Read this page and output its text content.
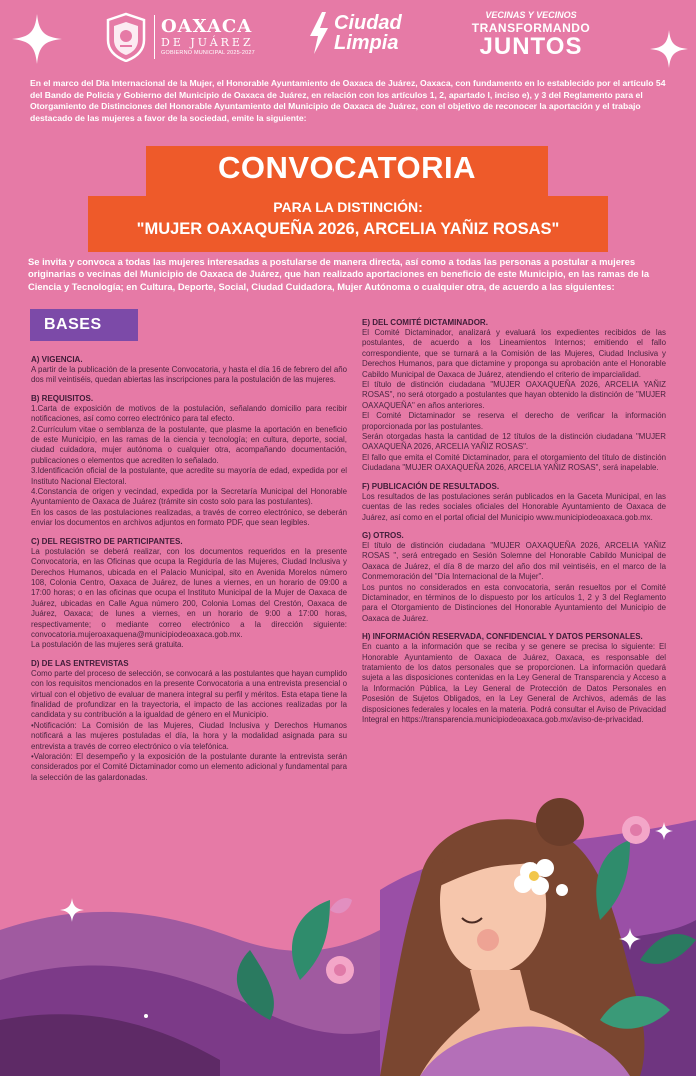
OAXACA
DE JUÁREZ
GOBIERNO MUNICIPAL 2025-2027
Ciudad
Limpia
VECINAS Y VECINOS
TRANSFORMANDO
JUNTOS

En el marco del Día Internacional de la Mujer, el Honorable Ayuntamiento de Oaxaca de Juárez, Oaxaca, con fundamento en lo establecido por el artículo 54 del Bando de Policía y Gobierno del Municipio de Oaxaca de Juárez, en relación con los artículos 1, 2, apartado I, inciso e), y 3 del Reglamento para el Otorgamiento de Distinciones del Honorable Ayuntamiento del Municipio de Oaxaca de Juárez, con el objetivo de reconocer la aportación y el trabajo destacado de las mujeres a favor de la sociedad, emite la siguiente:

CONVOCATORIA
PARA LA DISTINCIÓN:
"MUJER OAXAQUEÑA 2026, ARCELIA YAÑIZ ROSAS"

Se invita y convoca a todas las mujeres interesadas a postularse de manera directa, así como a todas las personas a postular a mujeres originarias o vecinas del Municipio de Oaxaca de Juárez, que han realizado aportaciones en beneficio de este Municipio, en las ramas de la Ciencia y Tecnología; en Cultura, Deporte, Social, Ciudad Cuidadora, Mujer Autónoma o cualquier otra, de acuerdo a las siguientes:

BASES
A) VIGENCIA.
A partir de la publicación de la presente Convocatoria, y hasta el día 16 de febrero del año dos mil veintiséis, quedan abiertas las inscripciones para la postulación de las mujeres.
B) REQUISITOS.
1.Carta de exposición de motivos de la postulación, señalando domicilio para recibir notificaciones, así como correo electrónico para tal efecto.
2.Currículum vitae o semblanza de la postulante, que plasme la aportación en beneficio de este Municipio, en las ramas de la ciencia y tecnología; en cultura, deporte, social, ciudad cuidadora, mujer autónoma o cualquier otra, acompañando documentación, publicaciones o elementos que acrediten lo señalado.
3.Identificación oficial de la postulante, que acredite su mayoría de edad, expedida por el Instituto Nacional Electoral.
4.Constancia de origen y vecindad, expedida por la Secretaría Municipal del Honorable Ayuntamiento de Oaxaca de Juárez (trámite sin costo solo para las postulantes).
En los casos de las postulaciones realizadas, a través de correo electrónico, se deberán enviar los documentos en archivos adjuntos en formato PDF, que sean legibles.
C) DEL REGISTRO DE PARTICIPANTES.
La postulación se deberá realizar, con los documentos requeridos en la presente Convocatoria, en las Oficinas que ocupa la Regiduría de las Mujeres, Ciudad Inclusiva y Derechos Humanos, ubicada en el Palacio Municipal, sito en Avenida Morelos número 108, Colonia Centro, Oaxaca de Juárez, de lunes a viernes, en un horario de 09:00 a 17:00 horas; o en las oficinas que ocupa el Instituto Municipal de la Mujer de Oaxaca de Juárez, ubicadas en Calle Agua número 200, Colonia Lomas del Crestón, Oaxaca de Juárez, Oaxaca; de lunes a viernes, en un horario de 9:00 a 17:00 horas, respectivamente; o mediante correo electrónico a la dirección siguiente: convocatoria.mujeroaxaquena@municipiodeoaxaca.gob.mx.
La postulación de las mujeres será gratuita.
D) DE LAS ENTREVISTAS
Como parte del proceso de selección, se convocará a las postulantes que hayan cumplido con los requisitos mencionados en la presente Convocatoria a una entrevista presencial o virtual con el objetivo de evaluar de manera integral su perfil y méritos. Esta etapa tiene la finalidad de profundizar en la trayectoria, el impacto de las acciones realizadas por la candidata y su contribución a la igualdad de género en el Municipio.
•Notificación: La Comisión de las Mujeres, Ciudad Inclusiva y Derechos Humanos notificará a las mujeres postuladas el día, la hora y la modalidad asignada para su entrevista a través de correo electrónico o vía telefónica.
•Valoración: El desempeño y la exposición de la postulante durante la entrevista serán considerados por el Comité Dictaminador como un elemento adicional y fundamental para la selección de las galardonadas.
E) DEL COMITÉ DICTAMINADOR.
El Comité Dictaminador, analizará y evaluará los expedientes recibidos de las postulantes, de acuerdo a los Lineamientos Internos; emitiendo el fallo correspondiente, que se turnará a la Comisión de las Mujeres, Ciudad Inclusiva y Derechos Humanos, para que dictamine y proponga su aprobación ante el Honorable Cabildo Municipal de Oaxaca de Juárez, atendiendo el criterio de imparcialidad.
El título de distinción ciudadana "MUJER OAXAQUEÑA 2026, ARCELIA YAÑIZ ROSAS", no será otorgado a postulantes que hayan obtenido la distinción de "MUJER OAXAQUEÑA" en años anteriores.
El Comité Dictaminador se reserva el derecho de verificar la información proporcionada por las postulantes.
Serán otorgadas hasta la cantidad de 12 títulos de la distinción ciudadana "MUJER OAXAQUEÑA 2026, ARCELIA YAÑIZ ROSAS".
El fallo que emita el Comité Dictaminador, para el otorgamiento del título de distinción Ciudadana "MUJER OAXAQUEÑA 2026, ARCELIA YAÑIZ ROSAS", será inapelable.
F) PUBLICACIÓN DE RESULTADOS.
Los resultados de las postulaciones serán publicados en la Gaceta Municipal, en las cuentas de las redes sociales oficiales del Honorable Ayuntamiento de Oaxaca de Juárez, así como en el portal oficial del Municipio www.municipiodeoaxaca.gob.mx.
G) OTROS.
El título de distinción ciudadana "MUJER OAXAQUEÑA 2026, ARCELIA YAÑIZ ROSAS ", será entregado en Sesión Solemne del Honorable Cabildo Municipal de Oaxaca de Juárez, el día 8 de marzo del año dos mil veintiséis, en el marco de la Conmemoración del "Día Internacional de la Mujer".
Los puntos no considerados en esta convocatoria, serán resueltos por el Comité Dictaminador, en términos de lo dispuesto por los artículos 1, 2 y 3 del Reglamento para el Otorgamiento de Distinciones del Honorable Ayuntamiento del Municipio de Oaxaca de Juárez.
H) INFORMACIÓN RESERVADA, CONFIDENCIAL Y DATOS PERSONALES.
En cuanto a la información que se reciba y se genere se precisa lo siguiente: El Honorable Ayuntamiento de Oaxaca de Juárez, Oaxaca, es responsable del tratamiento de los datos personales que se proporcionen. La información quedará sujeta a las disposiciones contenidas en la Ley General de Transparencia y Acceso a la Información Pública, la Ley General de Protección de Datos Personales en Posesión de Sujetos Obligados, en la Ley General de Archivos, además de las disposiciones federales y locales en la materia. Podrá consultar el Aviso de Privacidad Integral en https://transparencia.municipiodeoaxaca.gob.mx/aviso-de-privacidad.
